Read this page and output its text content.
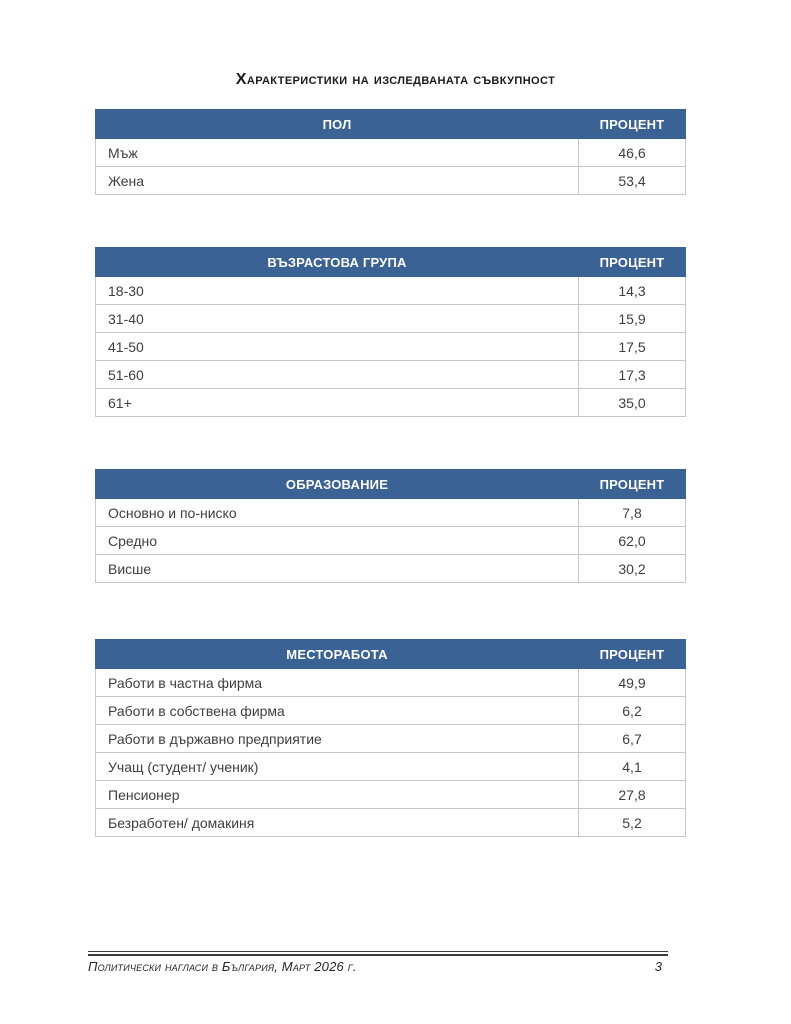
Характеристики на изследваната съвкупност
ПОЛ	ПРОЦЕНТ
Мъж	46,6
Жена	53,4
ВЪЗРАСТОВА ГРУПА	ПРОЦЕНТ
18-30	14,3
31-40	15,9
41-50	17,5
51-60	17,3
61+	35,0
ОБРАЗОВАНИЕ	ПРОЦЕНТ
Основно и по-ниско	7,8
Средно	62,0
Висше	30,2
МЕСТОРАБОТА	ПРОЦЕНТ
Работи в частна фирма	49,9
Работи в собствена фирма	6,2
Работи в държавно предприятие	6,7
Учащ (студент/ ученик)	4,1
Пенсионер	27,8
Безработен/ домакиня	5,2
Политически нагласи в България, Март 2026 г.	3
